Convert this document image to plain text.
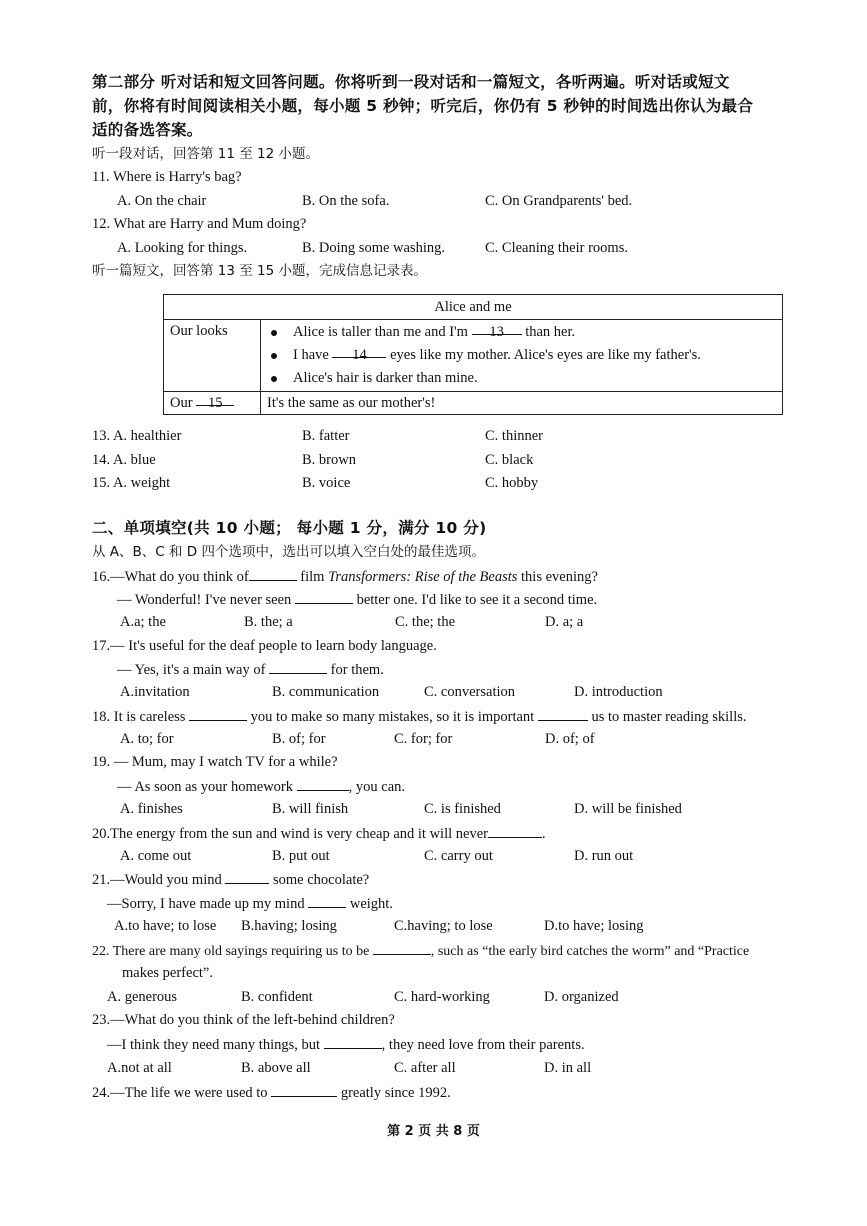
第二部分 听对话和短文回答问题。你将听到一段对话和一篇短文，各听两遍。听对话或短文
前，你将有时间阅读相关小题，每小题 5 秒钟；听完后，你仍有 5 秒钟的时间选出你认为最合
适的备选答案。
听一段对话，回答第 11 至 12 小题。
11. Where is Harry's bag?
A. On the chair	B. On the sofa.	C. On Grandparents' bed.
12. What are Harry and Mum doing?
A. Looking for things.	B. Doing some washing.	C. Cleaning their rooms.
听一篇短文，回答第 13 至 15 小题，完成信息记录表。
Alice and me	
Our looks	Alice is taller than me and I'm 13 than her.
I have 14 eyes like my mother. Alice's eyes are like my father's.
Alice's hair is darker than mine.

Our 15	It's the same as our mother's!
13. A. healthier	B. fatter	C. thinner
14. A. blue	B. brown	C. black
15. A. weight	B. voice	C. hobby
二、单项填空(共 10 小题； 每小题 1 分，满分 10 分)
从 A、B、C 和 D 四个选项中，选出可以填入空白处的最佳选项。
16.—What do you think of	film Transformers: Rise of the Beasts this evening?
— Wonderful! I've never seen	better one. I'd like to see it a second time.
A.a; the	B. the; a	C. the; the	D. a; a
17.— It's useful for the deaf people to learn body language.
— Yes, it's a main way of	for them.
A.invitation	B. communication	C. conversation	D. introduction
18. It is careless	you to make so many mistakes, so it is important	us to master reading skills.
A. to; for	B. of; for	C. for; for	D. of; of
19. — Mum, may I watch TV for a while?
— As soon as your homework	, you can.
A. finishes	B. will finish	C. is finished	D. will be finished
20.The energy from the sun and wind is very cheap and it will never	.
A. come out	B. put out	C. carry out	D. run out
21.—Would you mind	some chocolate?
—Sorry, I have made up my mind	weight.
A.to have; to lose B.having; losing	C.having; to lose	D.to have; losing
22. There are many old sayings requiring us to be	, such as “the early bird catches the worm” and “Practice
makes perfect”.
A. generous	B. confident	C. hard-working	D. organized
23.—What do you think of the left-behind children?
—I think they need many things, but	, they need love from their parents.
A.not at all	B. above all	C. after all	D. in all
24.—The life we were used to	greatly since 1992.
第 2 页 共 8 页
